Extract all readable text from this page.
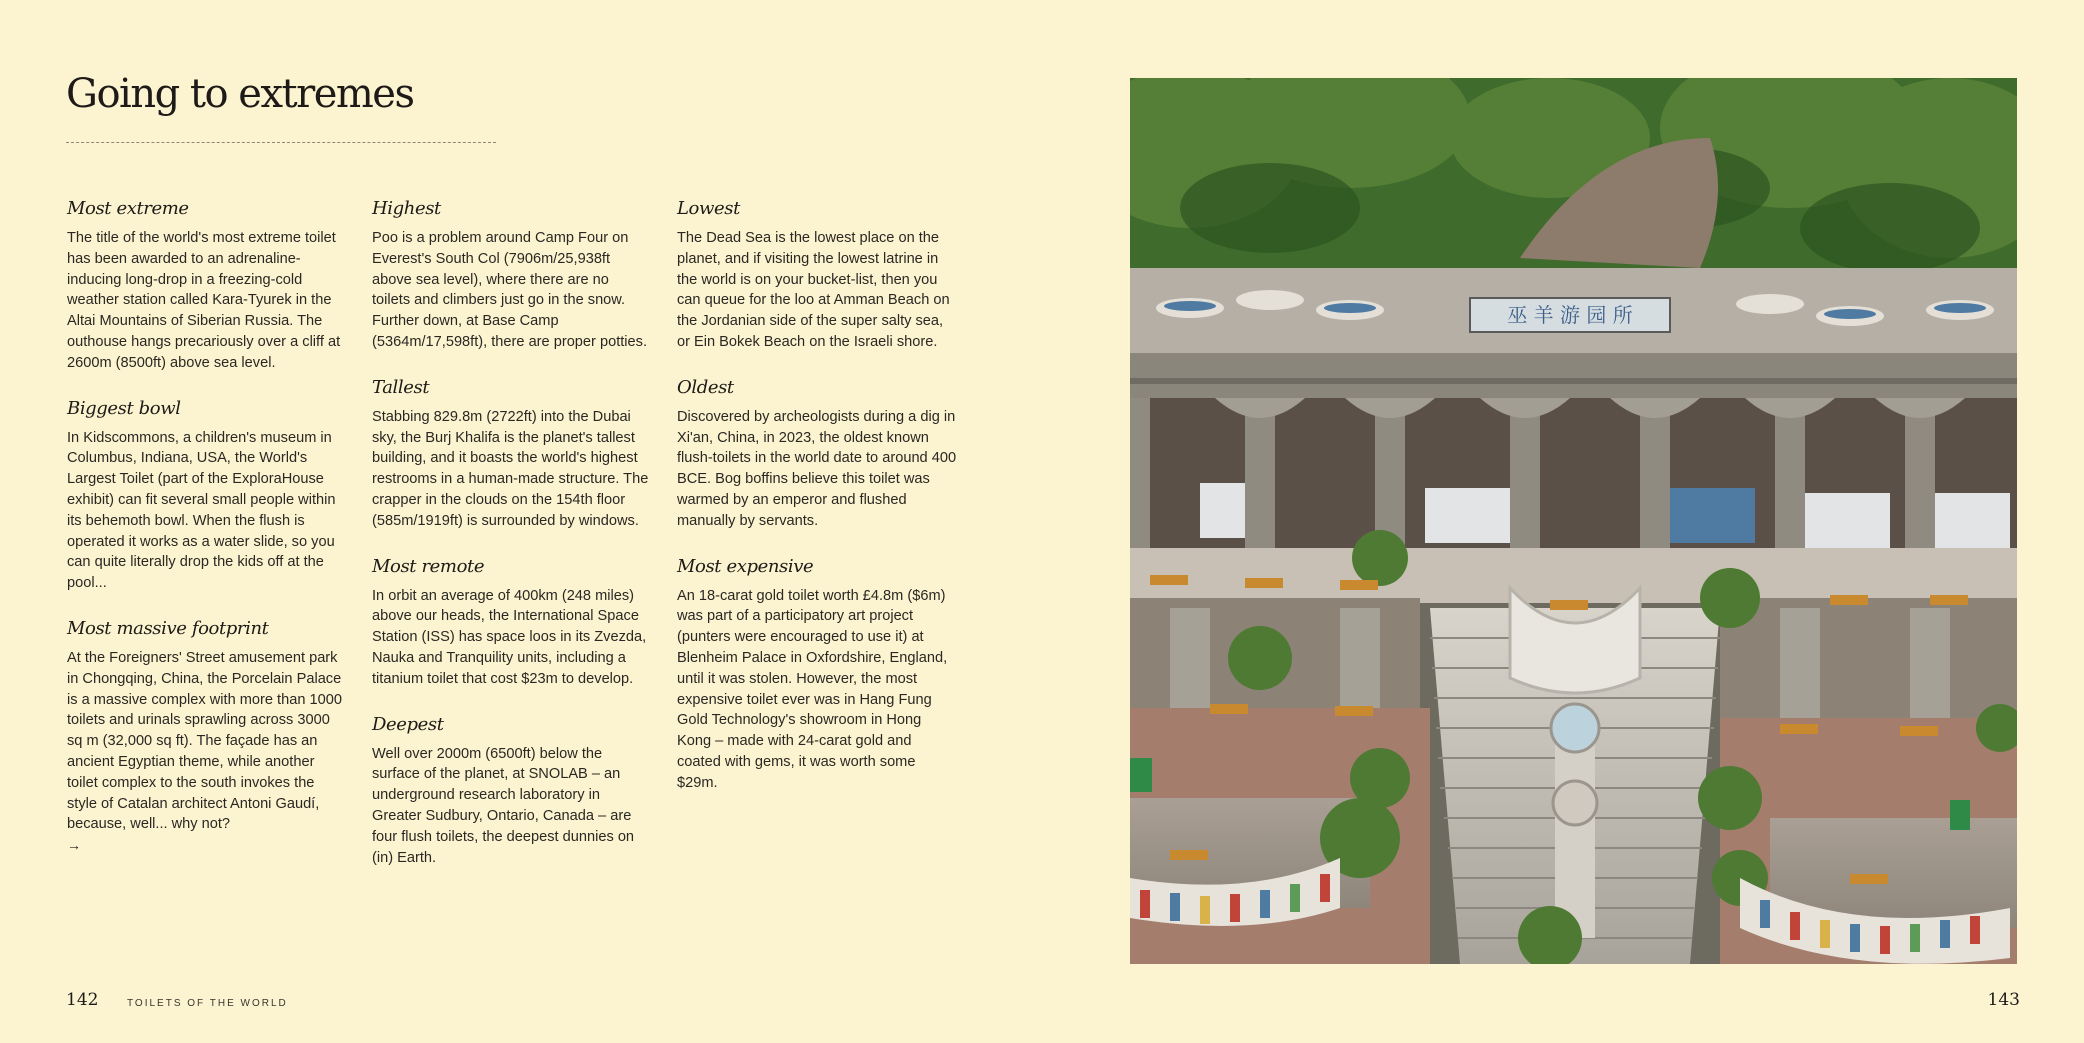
Going to extremes
Most extreme

The title of the world's most extreme toilet has been awarded to an adrenaline-inducing long-drop in a freezing-cold weather station called Kara-Tyurek in the Altai Mountains of Siberian Russia. The outhouse hangs precariously over a cliff at 2600m (8500ft) above sea level.

Biggest bowl

In Kidscommons, a children's museum in Columbus, Indiana, USA, the World's Largest Toilet (part of the ExploraHouse exhibit) can fit several small people within its behemoth bowl. When the flush is operated it works as a water slide, so you can quite literally drop the kids off at the pool...

Most massive footprint

At the Foreigners' Street amusement park in Chongqing, China, the Porcelain Palace is a massive complex with more than 1000 toilets and urinals sprawling across 3000 sq m (32,000 sq ft). The façade has an ancient Egyptian theme, while another toilet complex to the south invokes the style of Catalan architect Antoni Gaudí, because, well... why not?

→
Highest

Poo is a problem around Camp Four on Everest's South Col (7906m/25,938ft above sea level), where there are no toilets and climbers just go in the snow. Further down, at Base Camp (5364m/17,598ft), there are proper potties.

Tallest

Stabbing 829.8m (2722ft) into the Dubai sky, the Burj Khalifa is the planet's tallest building, and it boasts the world's highest restrooms in a human-made structure. The crapper in the clouds on the 154th floor (585m/1919ft) is surrounded by windows.

Most remote

In orbit an average of 400km (248 miles) above our heads, the International Space Station (ISS) has space loos in its Zvezda, Nauka and Tranquility units, including a titanium toilet that cost $23m to develop.

Deepest

Well over 2000m (6500ft) below the surface of the planet, at SNOLAB – an underground research laboratory in Greater Sudbury, Ontario, Canada – are four flush toilets, the deepest dunnies on (in) Earth.

Lowest

The Dead Sea is the lowest place on the planet, and if visiting the lowest latrine in the world is on your bucket-list, then you can queue for the loo at Amman Beach on the Jordanian side of the super salty sea, or Ein Bokek Beach on the Israeli shore.

Oldest

Discovered by archeologists during a dig in Xi'an, China, in 2023, the oldest known flush-toilets in the world date to around 400 BCE. Bog boffins believe this toilet was warmed by an emperor and flushed manually by servants.

Most expensive

An 18-carat gold toilet worth £4.8m ($6m) was part of a participatory art project (punters were encouraged to use it) at Blenheim Palace in Oxfordshire, England, until it was stolen. However, the most expensive toilet ever was in Hang Fung Gold Technology's showroom in Hong Kong – made with 24-carat gold and coated with gems, it was worth some $29m.

巫 羊 游 园 所
142	TOILETS OF THE WORLD	143
